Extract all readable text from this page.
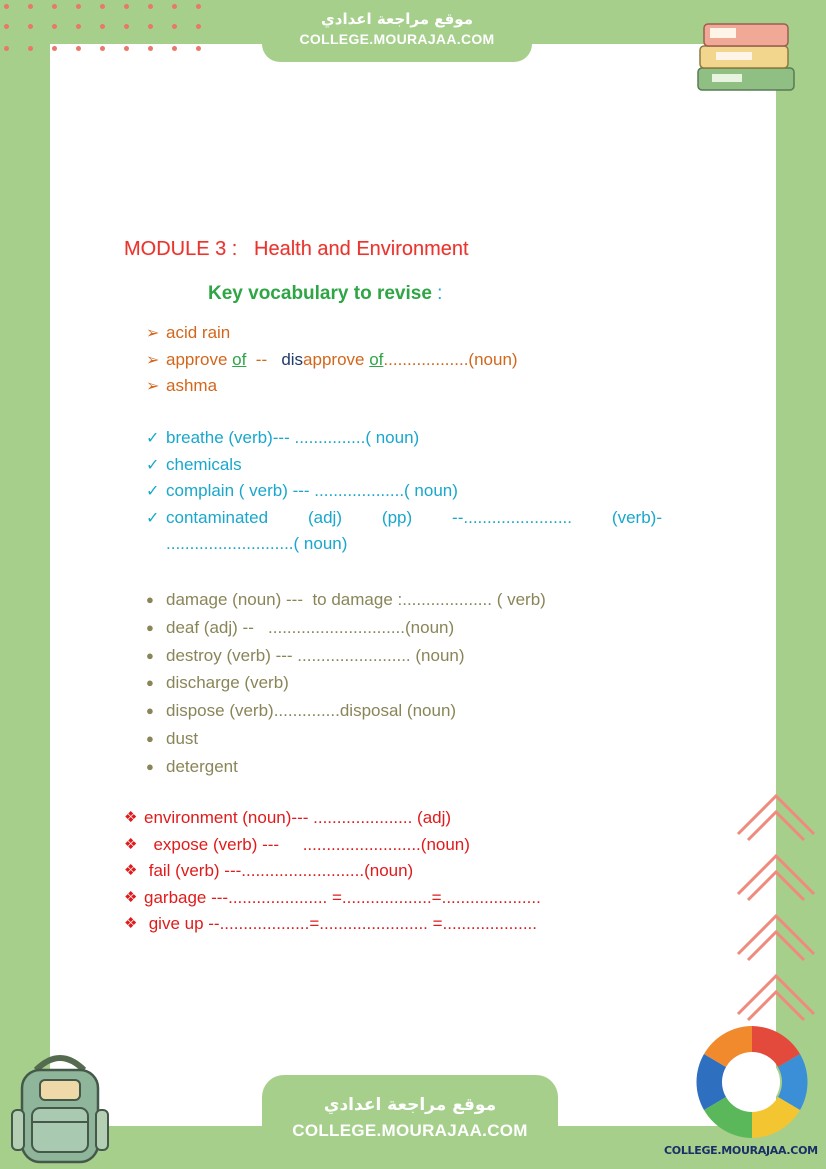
موقع مراجعة اعدادي
COLLEGE.MOURAJAA.COM
COLLEGE.MOURAJAA.COM
موقع مراجعة اعدادي
COLLEGE.MOURAJAA.COM
MODULE 3 :   Health and Environment
Key vocabulary to revise :

➢

acid rain

➢

approve of  --   disapprove of..................(noun)

➢

ashma

✓

breathe (verb)--- ...............( noun)

✓

chemicals

✓

complain ( verb) --- ...................( noun)

✓

contaminated (adj) (pp) --....................... (verb)-

...........................( noun)

● damage (noun) ---  to damage :................... ( verb)
● deaf (adj) --   .............................(noun)
● destroy (verb) --- ........................ (noun)
● discharge (verb)
● dispose (verb)..............disposal (noun)
● dust
● detergent
❖ environment (noun)--- ..................... (adj)
❖ expose (verb) ---     .........................(noun)
❖ fail (verb) ---..........................(noun)
❖ garbage ---..................... =...................=.....................
❖ give up --...................=....................... =....................
